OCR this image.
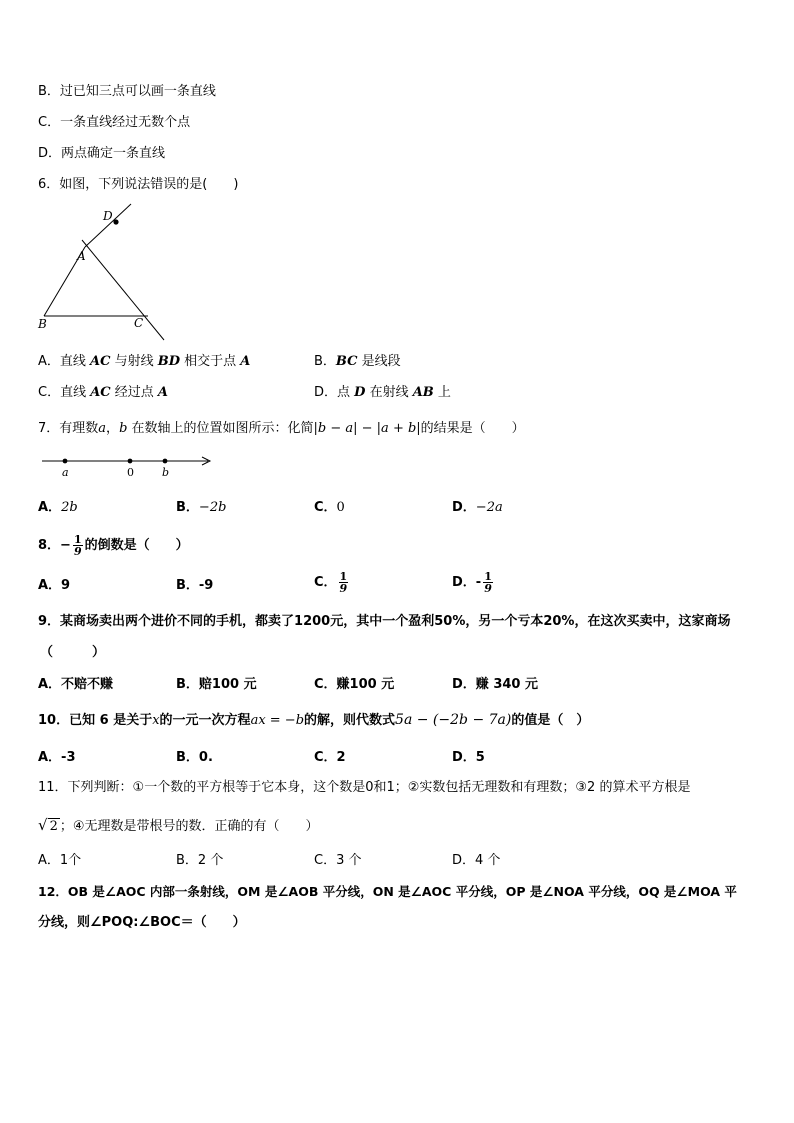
B．过已知三点可以画一条直线
C．一条直线经过无数个点
D．两点确定一条直线
6．如图，下列说法错误的是(　　)
D
A
B	C
A．直线 AC 与射线 BD 相交于点 A	B．BC 是线段
C．直线 AC 经过点 A	D．点 D 在射线 AB 上
7．有理数a，b 在数轴上的位置如图所示：化简|b − a| − |a + b|的结果是（　　）
a	0	b
A．2b	B．−2b	C．0	D．−2a
8．− $\frac{1}{9}$ 的倒数是（　　）
A．9	B．-9	C． $\frac{1}{9}$	D．- $\frac{1}{9}$
9．某商场卖出两个进价不同的手机，都卖了1200元，其中一个盈利50%，另一个亏本20%，在这次买卖中，这家商场
（　　　）
A．不赔不赚	B．赔100 元	C．赚100 元	D．赚 340 元
10．已知 6 是关于x的一元一次方程ax = −b的解，则代数式5a − (−2b − 7a)的值是（　）
A．-3	B．0.	C．2	D．5
11．下列判断：①一个数的平方根等于它本身，这个数是0和1；②实数包括无理数和有理数；③2 的算术平方根是
√ 2 ；④无理数是带根号的数．正确的有（　　）
A．1个	B．2 个	C．3 个	D．4 个
12．OB 是∠AOC 内部一条射线，OM 是∠AOB 平分线，ON 是∠AOC 平分线，OP 是∠NOA 平分线，OQ 是∠MOA 平
分线，则∠POQ:∠BOC＝（　　）
